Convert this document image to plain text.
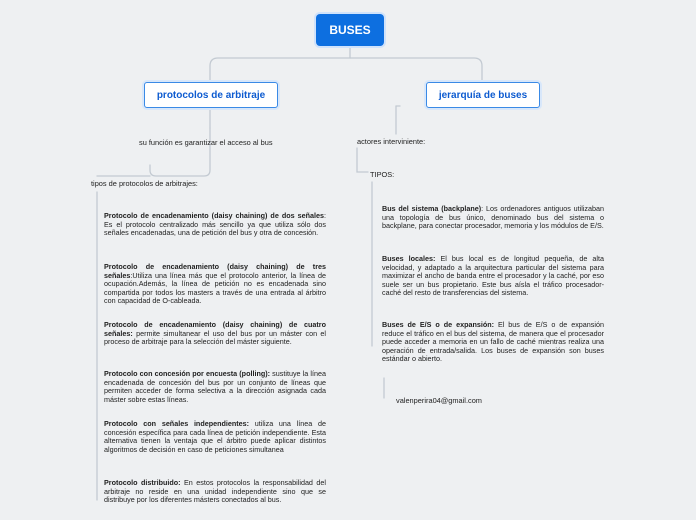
BUSES
protocolos de arbitraje	jerarquía de buses
su función es garantizar el acceso al bus
tipos de protocolos de arbitrajes:
Protocolo de encadenamiento (daisy chaining) de dos señales: Es el protocolo centralizado más sencillo ya que utiliza sólo dos señales encadenadas, una de petición del bus y otra de concesión.
Protocolo de encadenamiento (daisy chaining) de tres señales:Utiliza una línea más que el protocolo anterior, la línea de ocupación.Además, la línea de petición no es encadenada sino compartida por todos los masters a través de una entrada al árbitro con capacidad de O-cableada.
Protocolo de encadenamiento (daisy chaining) de cuatro señales: permite simultanear el uso del bus por un máster con el proceso de arbitraje para la selección del máster siguiente.
Protocolo con concesión por encuesta (polling): sustituye la línea encadenada de concesión del bus por un conjunto de líneas que permiten acceder de forma selectiva a la dirección asignada cada máster sobre estas líneas.
Protocolo con señales independientes: utiliza una línea de concesión específica para cada línea de petición independiente. Esta alternativa tienen la ventaja que el árbitro puede aplicar distintos algoritmos de decisión en caso de peticiones simultanea
Protocolo distribuido: En estos protocolos la responsabilidad del arbitraje no reside en una unidad independiente sino que se distribuye por los diferentes másters conectados al bus.
actores interviniente:
TIPOS:
Bus del sistema (backplane): Los ordenadores antiguos utilizaban una topología de bus único, denominado bus del sistema o backplane, para conectar procesador, memoria y los módulos de E/S.
Buses locales: El bus local es de longitud pequeña, de alta velocidad, y adaptado a la arquitectura particular del sistema para maximizar el ancho de banda entre el procesador y la caché, por eso suele ser un bus propietario. Este bus aísla el tráfico procesador-caché del resto de transferencias del sistema.
Buses de E/S o de expansión: El bus de E/S o de expansión reduce el tráfico en el bus del sistema, de manera que el procesador puede acceder a memoria en un fallo de caché mientras realiza una operación de entrada/salida. Los buses de expansión son buses estándar o abierto.
valenperira04@gmail.com
